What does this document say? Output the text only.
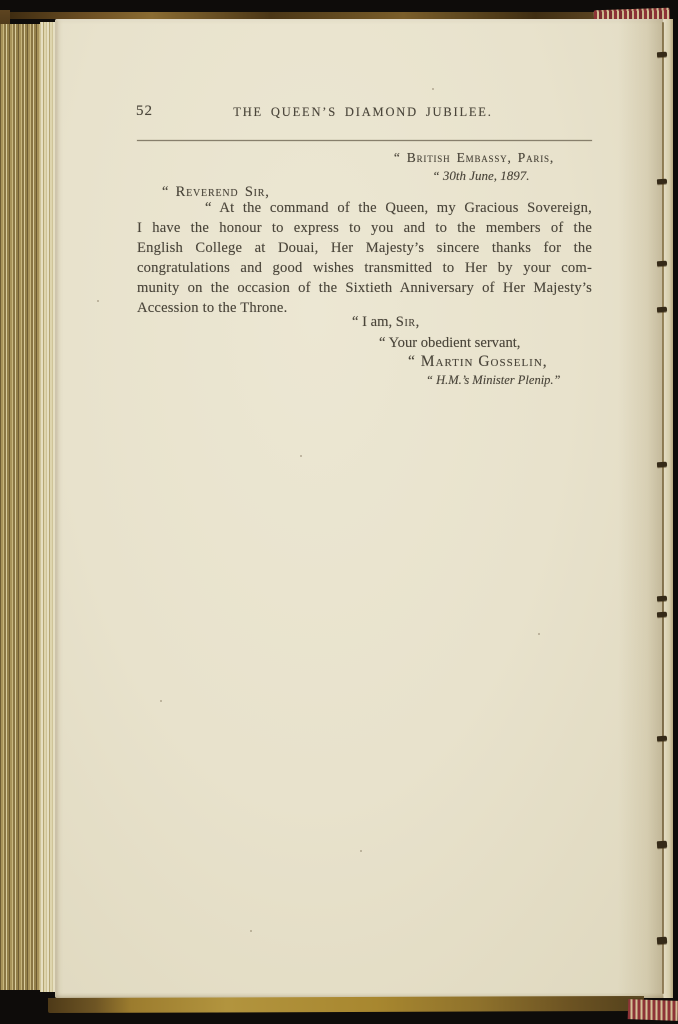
52	THE QUEEN’S DIAMOND JUBILEE.
“ British Embassy, Paris,
“ 30th June, 1897.
“ Reverend Sir,
“ At the command of the Queen, my Gracious Sovereign,
I have the honour to express to you and to the members of the
English College at Douai, Her Majesty’s sincere thanks for the
congratulations and good wishes transmitted to Her by your com-
munity on the occasion of the Sixtieth Anniversary of Her Majesty’s
Accession to the Throne.
“ I am, Sir,
“ Your obedient servant,
“ Martin Gosselin,
“ H.M.’s Minister Plenip.”
